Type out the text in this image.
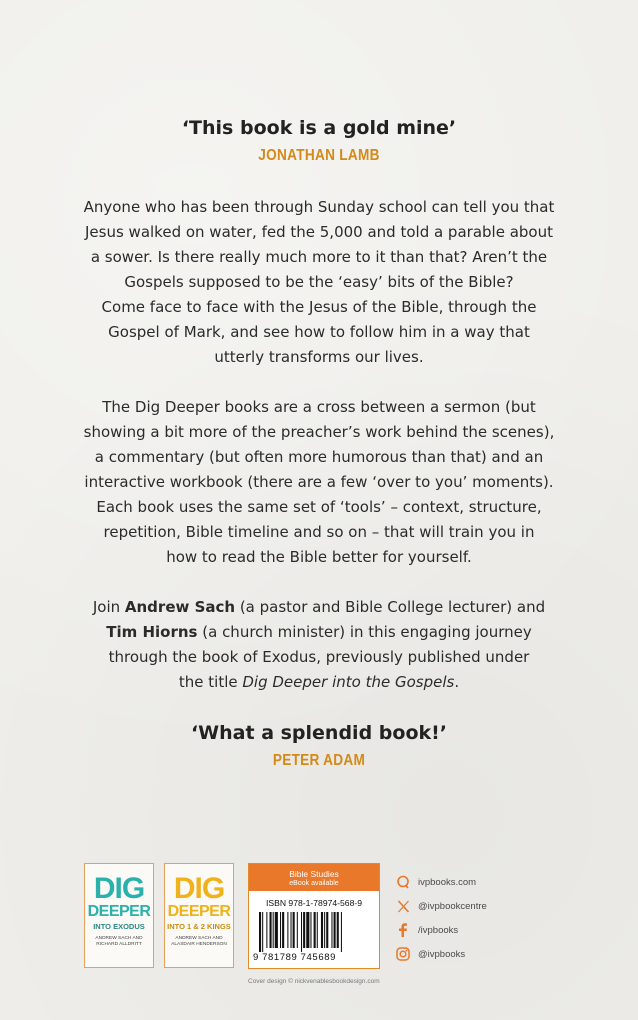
‘This book is a gold mine’
JONATHAN LAMB
Anyone who has been through Sunday school can tell you that
Jesus walked on water, fed the 5,000 and told a parable about
a sower. Is there really much more to it than that? Aren’t the
Gospels supposed to be the ‘easy’ bits of the Bible?
Come face to face with the Jesus of the Bible, through the
Gospel of Mark, and see how to follow him in a way that
utterly transforms our lives.
The Dig Deeper books are a cross between a sermon (but
showing a bit more of the preacher’s work behind the scenes),
a commentary (but often more humorous than that) and an
interactive workbook (there are a few ‘over to you’ moments).
Each book uses the same set of ‘tools’ – context, structure,
repetition, Bible timeline and so on – that will train you in
how to read the Bible better for yourself.
Join Andrew Sach (a pastor and Bible College lecturer) and
Tim Hiorns (a church minister) in this engaging journey
through the book of Exodus, previously published under
the title Dig Deeper into the Gospels.
‘What a splendid book!’
PETER ADAM
DIG
DEEPER
INTO EXODUS
ANDREW SACH AND RICHARD ALLDRITT
DIG
DEEPER
INTO 1 & 2 KINGS
ANDREW SACH AND ALASDAIR HENDERSON
Bible Studies
eBook available
ISBN 978-1-78974-568-9
9 781789 745689
ivpbooks.com
@ivpbookcentre
/ivpbooks
@ivpbooks
Cover design © nickvenablesbookdesign.com
